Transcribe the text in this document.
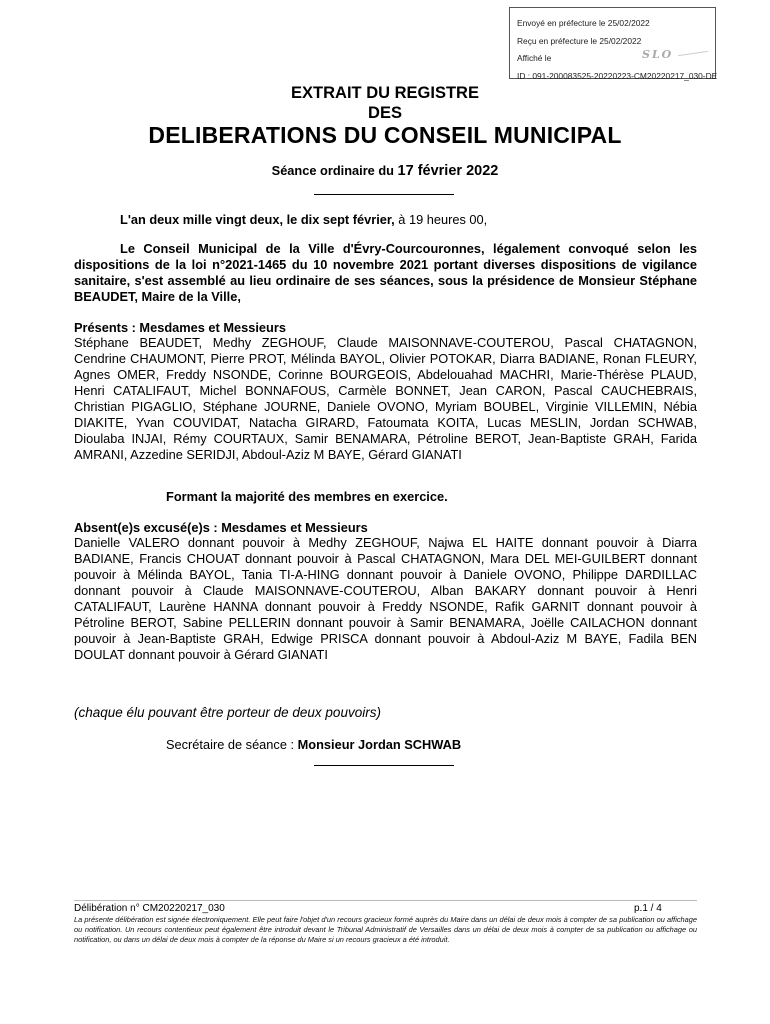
Envoyé en préfecture le 25/02/2022
Reçu en préfecture le 25/02/2022
Affiché le
ID : 091-200083525-20220223-CM20220217_030-DE
SLO
EXTRAIT DU REGISTRE
DES
DELIBERATIONS DU CONSEIL MUNICIPAL
Séance ordinaire du 17 février 2022
L'an deux mille vingt deux, le dix sept février, à 19 heures 00,
Le Conseil Municipal de la Ville d'Évry-Courcouronnes, légalement convoqué selon les dispositions de la loi n°2021-1465 du 10 novembre 2021 portant diverses dispositions de vigilance sanitaire, s'est assemblé au lieu ordinaire de ses séances, sous la présidence de Monsieur Stéphane BEAUDET, Maire de la Ville,
Présents : Mesdames et Messieurs
Stéphane BEAUDET, Medhy ZEGHOUF, Claude MAISONNAVE-COUTEROU, Pascal CHATAGNON, Cendrine CHAUMONT, Pierre PROT, Mélinda BAYOL, Olivier POTOKAR, Diarra BADIANE, Ronan FLEURY, Agnes OMER, Freddy NSONDE, Corinne BOURGEOIS, Abdelouahad MACHRI, Marie-Thérèse PLAUD, Henri CATALIFAUT, Michel BONNAFOUS, Carmèle BONNET, Jean CARON, Pascal CAUCHEBRAIS, Christian PIGAGLIO, Stéphane JOURNE, Daniele OVONO, Myriam BOUBEL, Virginie VILLEMIN, Nébia DIAKITE, Yvan COUVIDAT, Natacha GIRARD, Fatoumata KOITA, Lucas MESLIN, Jordan SCHWAB, Dioulaba INJAI, Rémy COURTAUX, Samir BENAMARA, Pétroline BEROT, Jean-Baptiste GRAH, Farida AMRANI, Azzedine SERIDJI, Abdoul-Aziz M BAYE, Gérard GIANATI
Formant la majorité des membres en exercice.
Absent(e)s excusé(e)s : Mesdames et Messieurs
Danielle VALERO donnant pouvoir à Medhy ZEGHOUF, Najwa EL HAITE donnant pouvoir à Diarra BADIANE, Francis CHOUAT donnant pouvoir à Pascal CHATAGNON, Mara DEL MEI-GUILBERT donnant pouvoir à Mélinda BAYOL, Tania TI-A-HING donnant pouvoir à Daniele OVONO, Philippe DARDILLAC donnant pouvoir à Claude MAISONNAVE-COUTEROU, Alban BAKARY donnant pouvoir à Henri CATALIFAUT, Laurène HANNA donnant pouvoir à Freddy NSONDE, Rafik GARNIT donnant pouvoir à Pétroline BEROT, Sabine PELLERIN donnant pouvoir à Samir BENAMARA, Joëlle CAILACHON donnant pouvoir à Jean-Baptiste GRAH, Edwige PRISCA donnant pouvoir à Abdoul-Aziz M BAYE, Fadila BEN DOULAT donnant pouvoir à Gérard GIANATI
(chaque élu pouvant être porteur de deux pouvoirs)
Secrétaire de séance : Monsieur Jordan SCHWAB
Délibération n° CM20220217_030	p.1 / 4
La présente délibération est signée électroniquement. Elle peut faire l'objet d'un recours gracieux formé auprès du Maire dans un délai de deux mois à compter de sa publication ou affichage ou notification. Un recours contentieux peut également être introduit devant le Tribunal Administratif de Versailles dans un délai de deux mois à compter de sa publication ou affichage ou notification, ou dans un délai de deux mois à compter de la réponse du Maire si un recours gracieux a été introduit.
